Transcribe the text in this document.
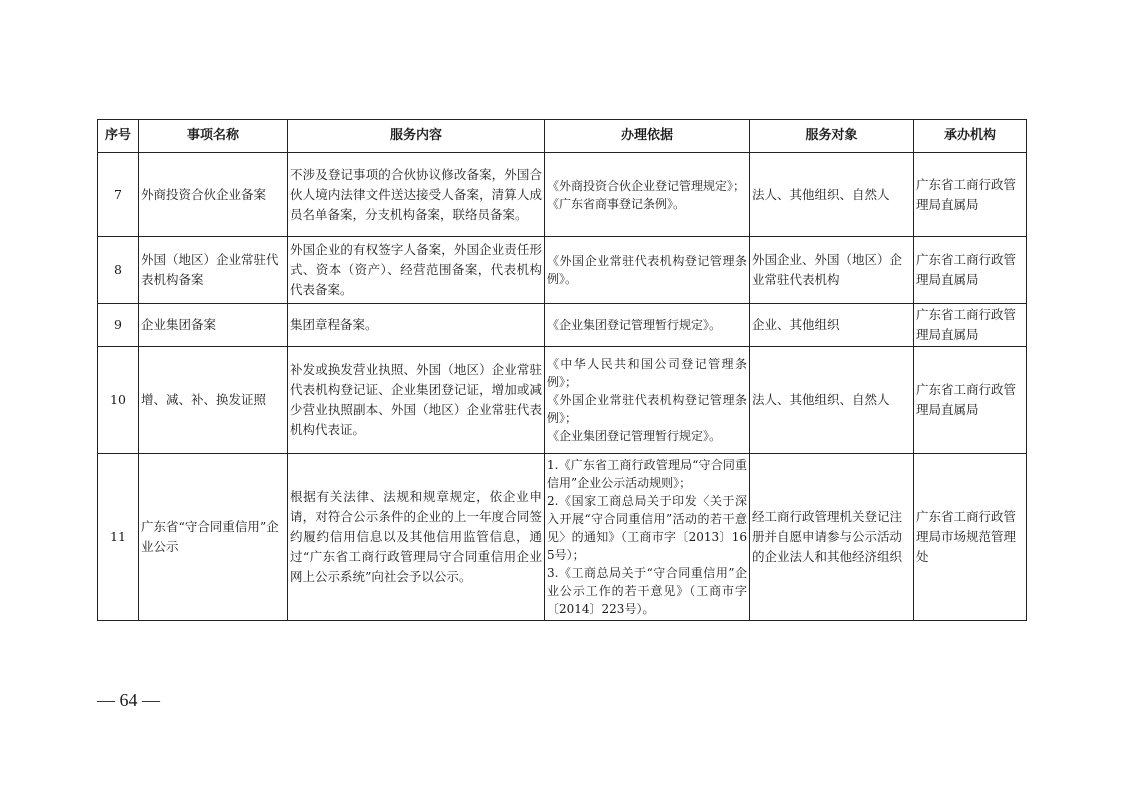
序号	事项名称	服务内容	办理依据	服务对象	承办机构
7	外商投资合伙企业备案	不涉及登记事项的合伙协议修改备案，外国合伙人境内法律文件送达接受人备案，清算人成员名单备案，分支机构备案，联络员备案。	《外商投资合伙企业登记管理规定》；
《广东省商事登记条例》。	法人、其他组织、自然人	广东省工商行政管理局直属局
8	外国（地区）企业常驻代表机构备案	外国企业的有权签字人备案，外国企业责任形式、资本（资产）、经营范围备案，代表机构代表备案。	《外国企业常驻代表机构登记管理条例》。	外国企业、外国（地区）企业常驻代表机构	广东省工商行政管理局直属局
9	企业集团备案	集团章程备案。	《企业集团登记管理暂行规定》。	企业、其他组织	广东省工商行政管理局直属局
10	增、减、补、换发证照	补发或换发营业执照、外国（地区）企业常驻代表机构登记证、企业集团登记证，增加或减少营业执照副本、外国（地区）企业常驻代表机构代表证。	《中华人民共和国公司登记管理条例》；
《外国企业常驻代表机构登记管理条例》；
《企业集团登记管理暂行规定》。	法人、其他组织、自然人	广东省工商行政管理局直属局
11	广东省“守合同重信用”企业公示	根据有关法律、法规和规章规定，依企业申请，对符合公示条件的企业的上一年度合同签约履约信用信息以及其他信用监管信息，通过“广东省工商行政管理局守合同重信用企业网上公示系统”向社会予以公示。	1.《广东省工商行政管理局“守合同重信用”企业公示活动规则》；
2.《国家工商总局关于印发〈关于深入开展“守合同重信用”活动的若干意见〉的通知》（工商市字〔2013〕165号）；
3.《工商总局关于“守合同重信用”企业公示工作的若干意见》（工商市字〔2014〕223号）。	经工商行政管理机关登记注册并自愿申请参与公示活动的企业法人和其他经济组织	广东省工商行政管理局市场规范管理处
— 64 —
